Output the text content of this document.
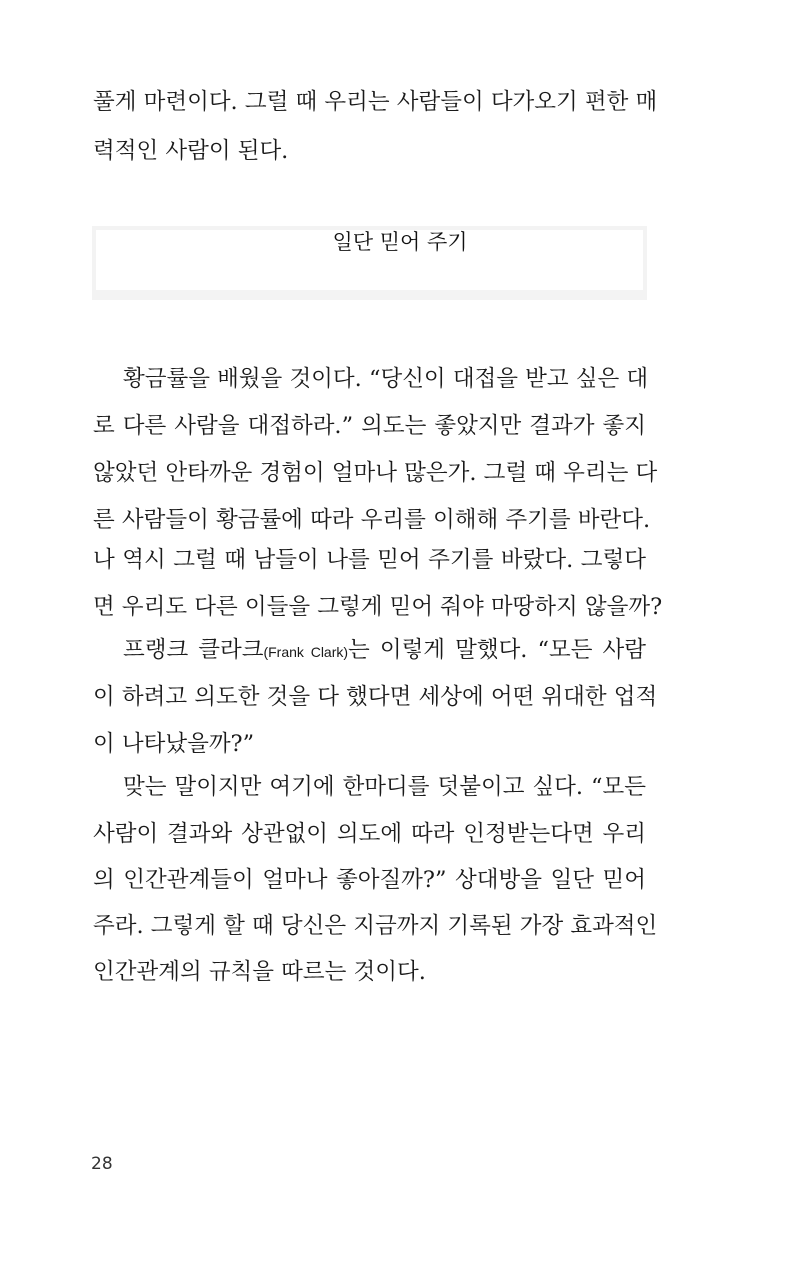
풀게 마련이다. 그럴 때 우리는 사람들이 다가오기 편한 매
력적인 사람이 된다.
일단 믿어 주기
황금률을 배웠을 것이다. “당신이 대접을 받고 싶은 대
로 다른 사람을 대접하라.” 의도는 좋았지만 결과가 좋지
않았던 안타까운 경험이 얼마나 많은가. 그럴 때 우리는 다
른 사람들이 황금률에 따라 우리를 이해해 주기를 바란다.
나 역시 그럴 때 남들이 나를 믿어 주기를 바랐다. 그렇다
면 우리도 다른 이들을 그렇게 믿어 줘야 마땅하지 않을까?
프랭크 클라크(Frank Clark)는 이렇게 말했다. “모든 사람
이 하려고 의도한 것을 다 했다면 세상에 어떤 위대한 업적
이 나타났을까?”
맞는 말이지만 여기에 한마디를 덧붙이고 싶다. “모든
사람이 결과와 상관없이 의도에 따라 인정받는다면 우리
의 인간관계들이 얼마나 좋아질까?” 상대방을 일단 믿어
주라. 그렇게 할 때 당신은 지금까지 기록된 가장 효과적인
인간관계의 규칙을 따르는 것이다.
28
